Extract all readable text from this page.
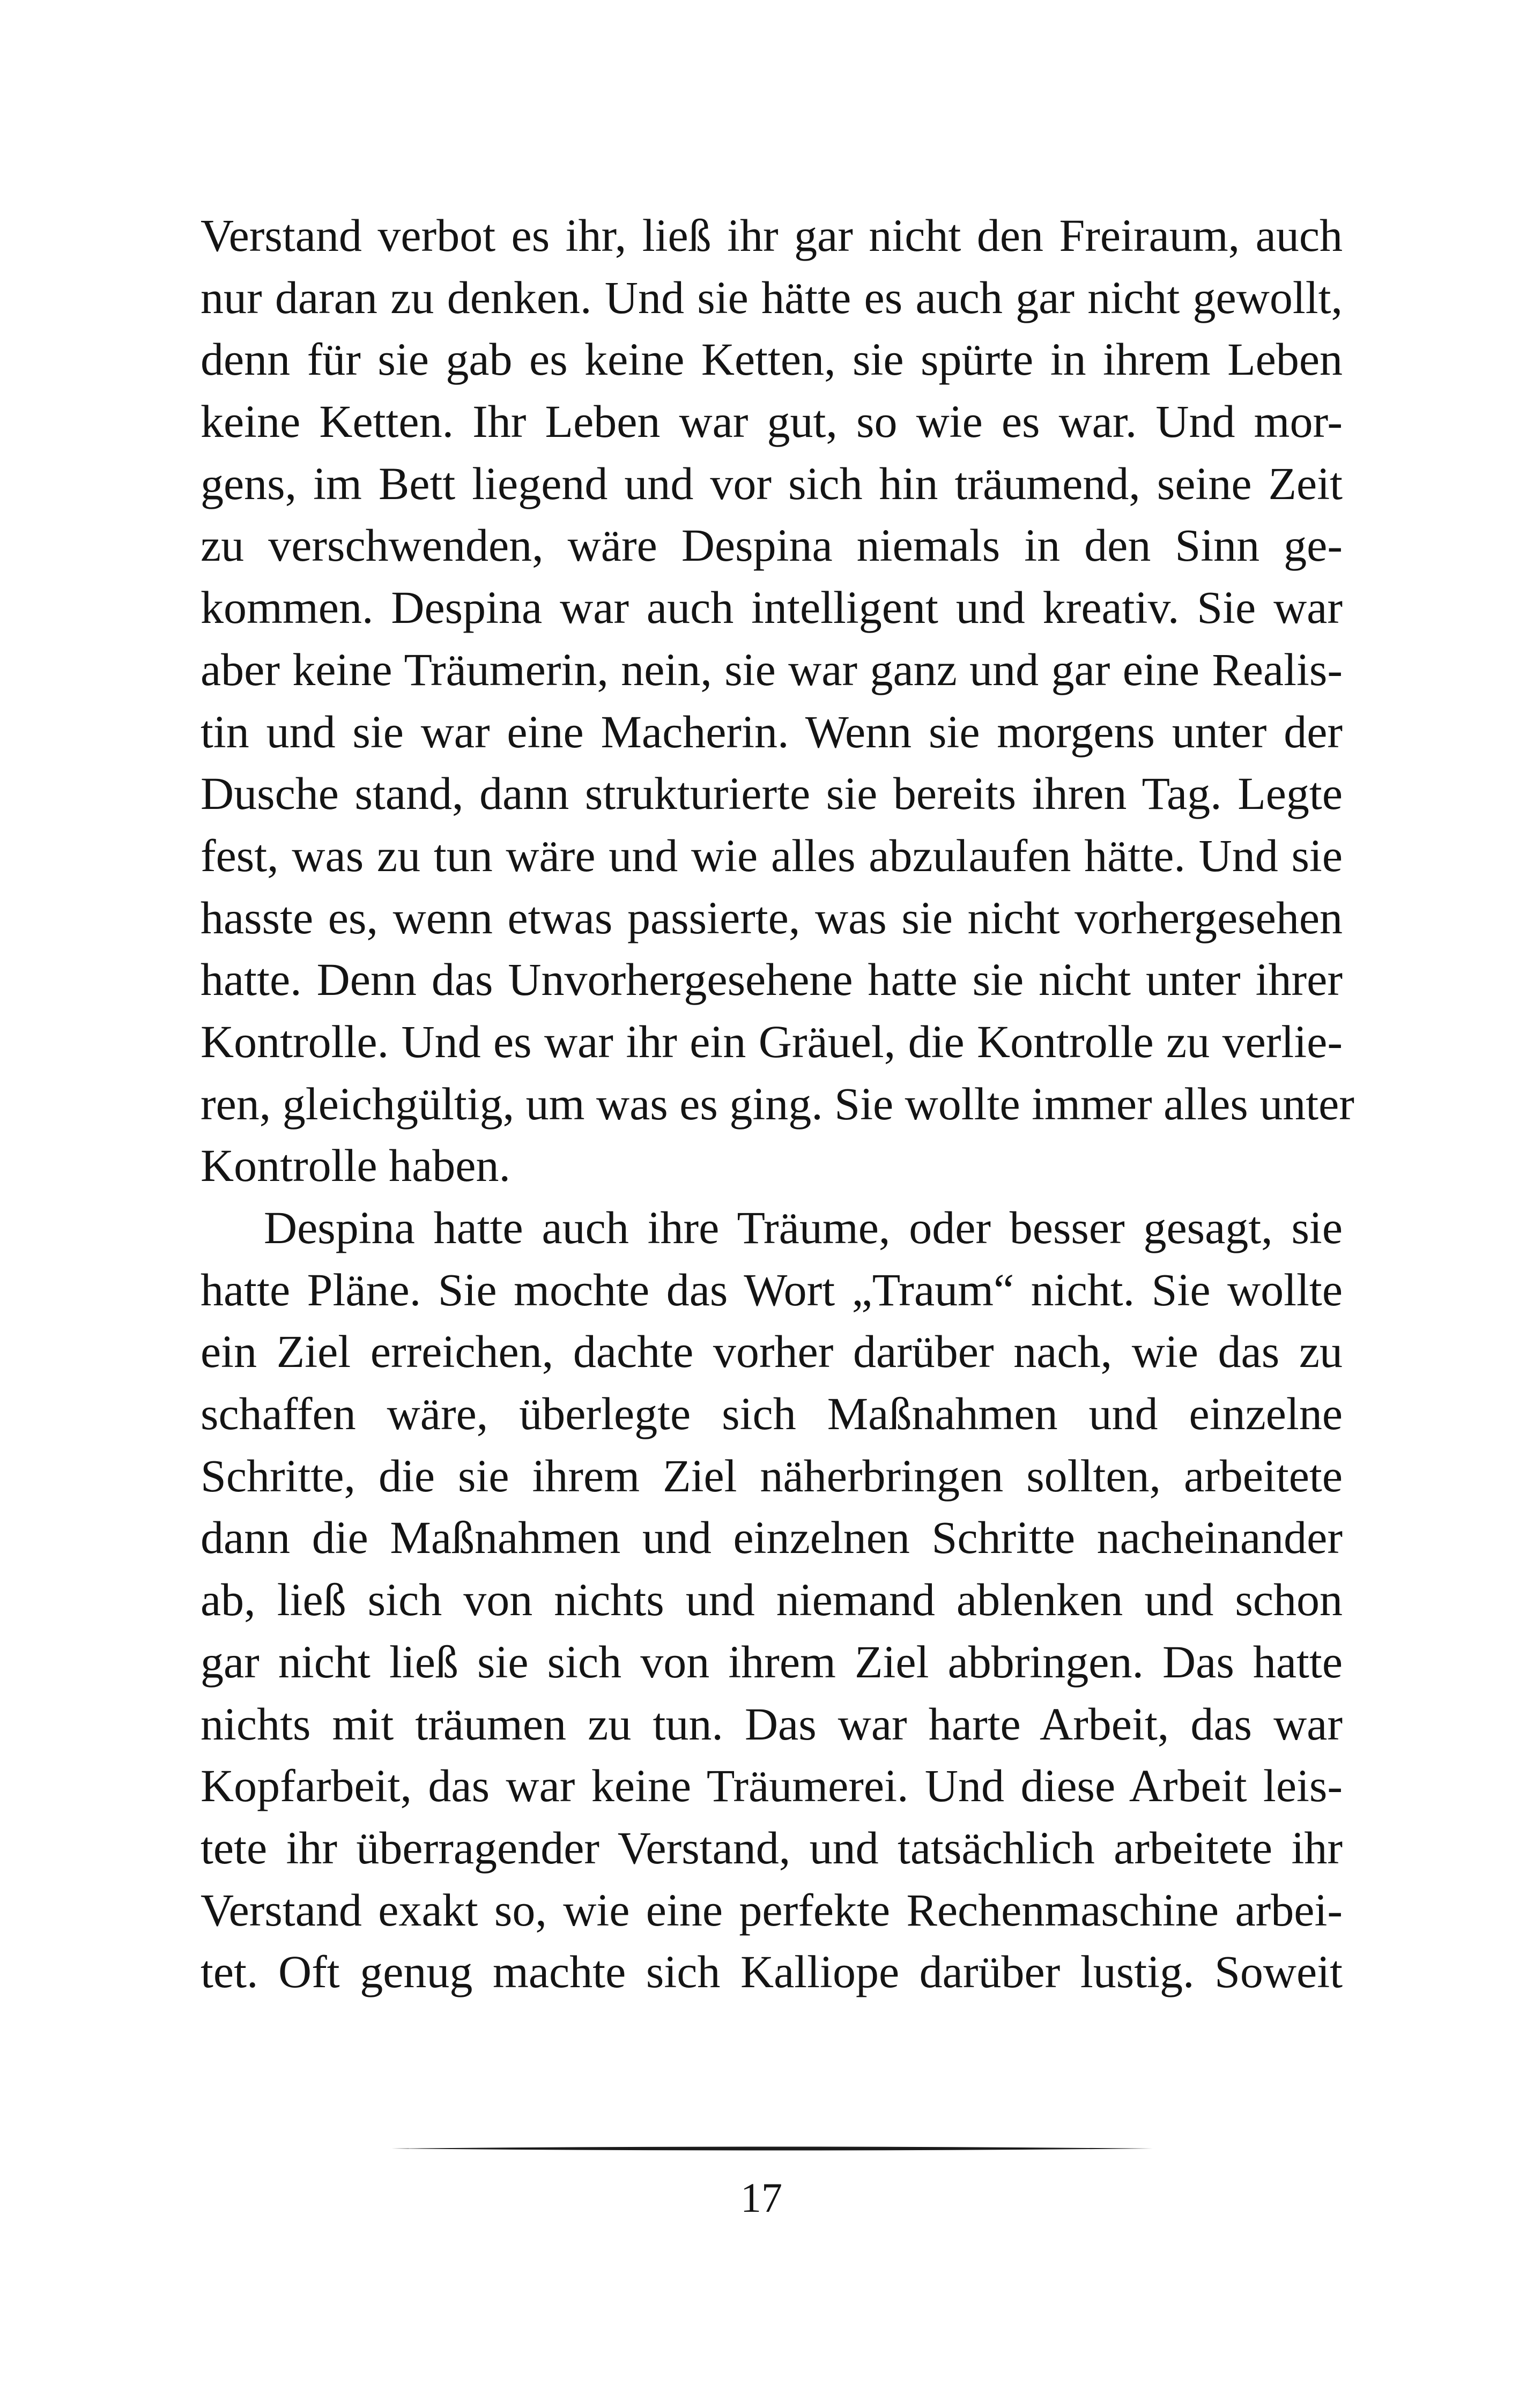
Verstand verbot es ihr, ließ ihr gar nicht den Freiraum, auch
nur daran zu denken. Und sie hätte es auch gar nicht gewollt,
denn für sie gab es keine Ketten, sie spürte in ihrem Leben
keine Ketten. Ihr Leben war gut, so wie es war. Und mor-
gens, im Bett liegend und vor sich hin träumend, seine Zeit
zu verschwenden, wäre Despina niemals in den Sinn ge-
kommen. Despina war auch intelligent und kreativ. Sie war
aber keine Träumerin, nein, sie war ganz und gar eine Realis-
tin und sie war eine Macherin. Wenn sie morgens unter der
Dusche stand, dann strukturierte sie bereits ihren Tag. Legte
fest, was zu tun wäre und wie alles abzulaufen hätte. Und sie
hasste es, wenn etwas passierte, was sie nicht vorhergesehen
hatte. Denn das Unvorhergesehene hatte sie nicht unter ihrer
Kontrolle. Und es war ihr ein Gräuel, die Kontrolle zu verlie-
ren, gleichgültig, um was es ging. Sie wollte immer alles unter
Kontrolle haben.
Despina hatte auch ihre Träume, oder besser gesagt, sie
hatte Pläne. Sie mochte das Wort „Traum“ nicht. Sie wollte
ein Ziel erreichen, dachte vorher darüber nach, wie das zu
schaffen wäre, überlegte sich Maßnahmen und einzelne
Schritte, die sie ihrem Ziel näherbringen sollten, arbeitete
dann die Maßnahmen und einzelnen Schritte nacheinander
ab, ließ sich von nichts und niemand ablenken und schon
gar nicht ließ sie sich von ihrem Ziel abbringen. Das hatte
nichts mit träumen zu tun. Das war harte Arbeit, das war
Kopfarbeit, das war keine Träumerei. Und diese Arbeit leis-
tete ihr überragender Verstand, und tatsächlich arbeitete ihr
Verstand exakt so, wie eine perfekte Rechenmaschine arbei-
tet. Oft genug machte sich Kalliope darüber lustig. Soweit
17
